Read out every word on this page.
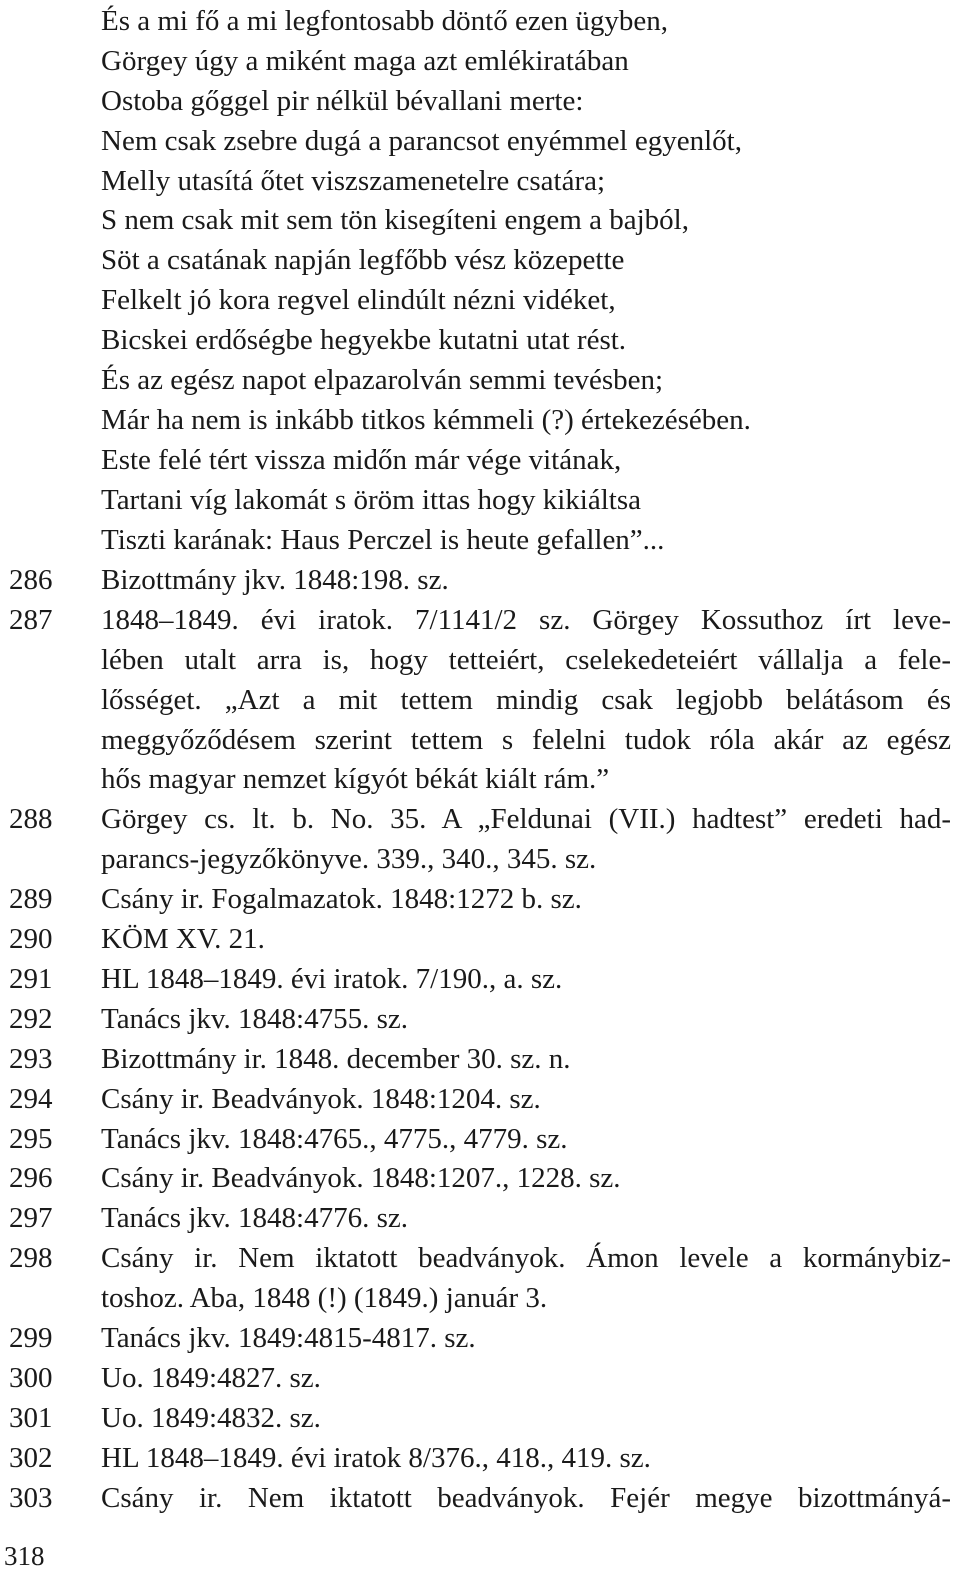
És a mi fő a mi legfontosabb döntő ezen ügyben,
Görgey úgy a miként maga azt emlékiratában
Ostoba gőggel pir nélkül bévallani merte:
Nem csak zsebre dugá a parancsot enyémmel egyenlőt,
Melly utasítá őtet viszszamenetelre csatára;
S nem csak mit sem tön kisegíteni engem a bajból,
Söt a csatának napján legfőbb vész közepette
Felkelt jó kora regvel elindúlt nézni vidéket,
Bicskei erdőségbe hegyekbe kutatni utat rést.
És az egész napot elpazarolván semmi tevésben;
Már ha nem is inkább titkos kémmeli (?) értekezésében.
Este felé tért vissza midőn már vége vitának,
Tartani víg lakomát s öröm ittas hogy kikiáltsa
Tiszti karának: Haus Perczel is heute gefallen”...
286	Bizottmány jkv. 1848:198. sz.
287	1848–1849. évi iratok. 7/1141/2 sz. Görgey Kossuthoz írt leve-
lében utalt arra is, hogy tetteiért, cselekedeteiért vállalja a fele-
lősséget. „Azt a mit tettem mindig csak legjobb belátásom és
meggyőződésem szerint tettem s felelni tudok róla akár az egész
hős magyar nemzet kígyót békát kiált rám.”
288	Görgey cs. lt. b. No. 35. A „Feldunai (VII.) hadtest” eredeti had-
parancs-jegyzőkönyve. 339., 340., 345. sz.
289	Csány ir. Fogalmazatok. 1848:1272 b. sz.
290	KÖM XV. 21.
291	HL 1848–1849. évi iratok. 7/190., a. sz.
292	Tanács jkv. 1848:4755. sz.
293	Bizottmány ir. 1848. december 30. sz. n.
294	Csány ir. Beadványok. 1848:1204. sz.
295	Tanács jkv. 1848:4765., 4775., 4779. sz.
296	Csány ir. Beadványok. 1848:1207., 1228. sz.
297	Tanács jkv. 1848:4776. sz.
298	Csány ir. Nem iktatott beadványok. Ámon levele a kormánybiz-
toshoz. Aba, 1848 (!) (1849.) január 3.
299	Tanács jkv. 1849:4815-4817. sz.
300	Uo. 1849:4827. sz.
301	Uo. 1849:4832. sz.
302	HL 1848–1849. évi iratok 8/376., 418., 419. sz.
303	Csány ir. Nem iktatott beadványok. Fejér megye bizottmányá-
318
